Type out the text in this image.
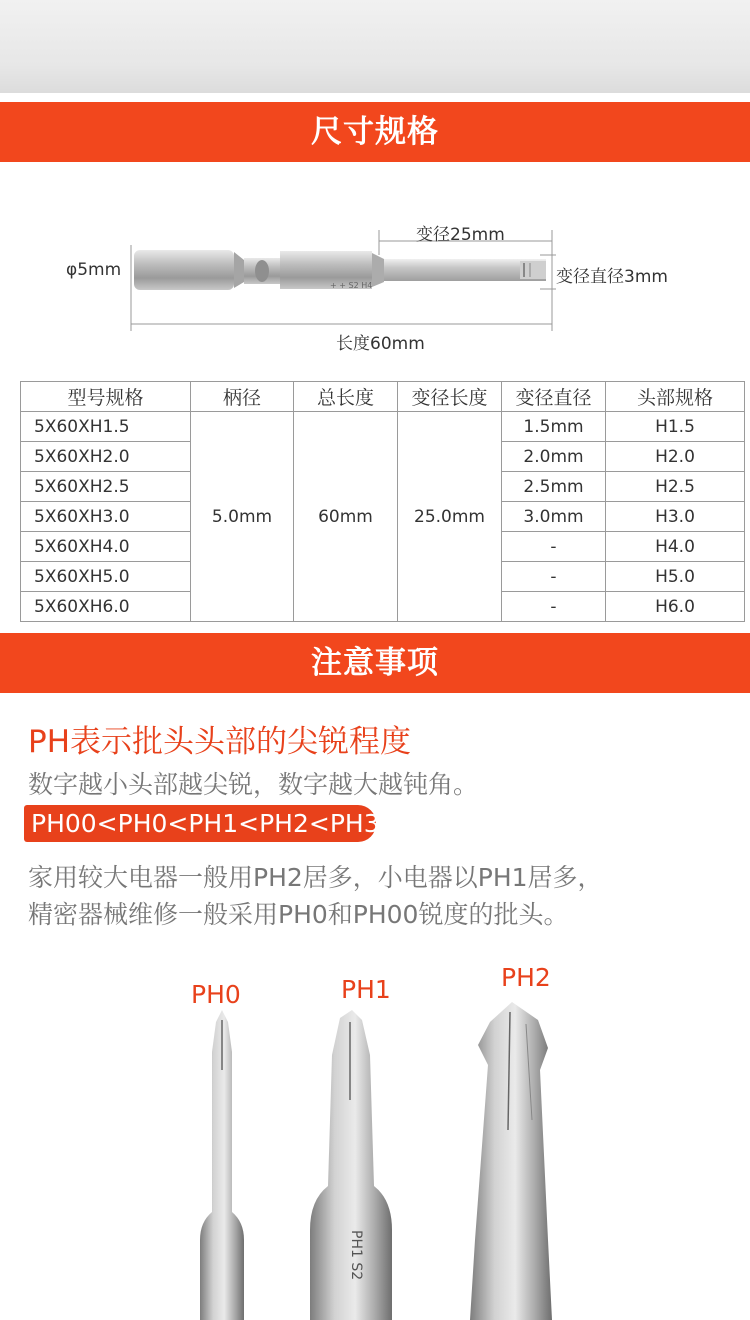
尺寸规格
+ + S2 H4
φ5mm
变径25mm
变径直径3mm
长度60mm
型号规格	柄径	总长度	变径长度	变径直径	头部规格
5X60XH1.5	5.0mm	60mm	25.0mm	1.5mm	H1.5
5X60XH2.0				2.0mm	H2.0
5X60XH2.5				2.5mm	H2.5
5X60XH3.0				3.0mm	H3.0
5X60XH4.0				-	H4.0
5X60XH5.0				-	H5.0
5X60XH6.0				-	H6.0
注意事项
PH表示批头头部的尖锐程度
数字越小头部越尖锐，数字越大越钝角。
PH00<PH0<PH1<PH2<PH3
家用较大电器一般用PH2居多，小电器以PH1居多，
精密器械维修一般采用PH0和PH00锐度的批头。
PH1 S2
PH0	PH1	PH2
